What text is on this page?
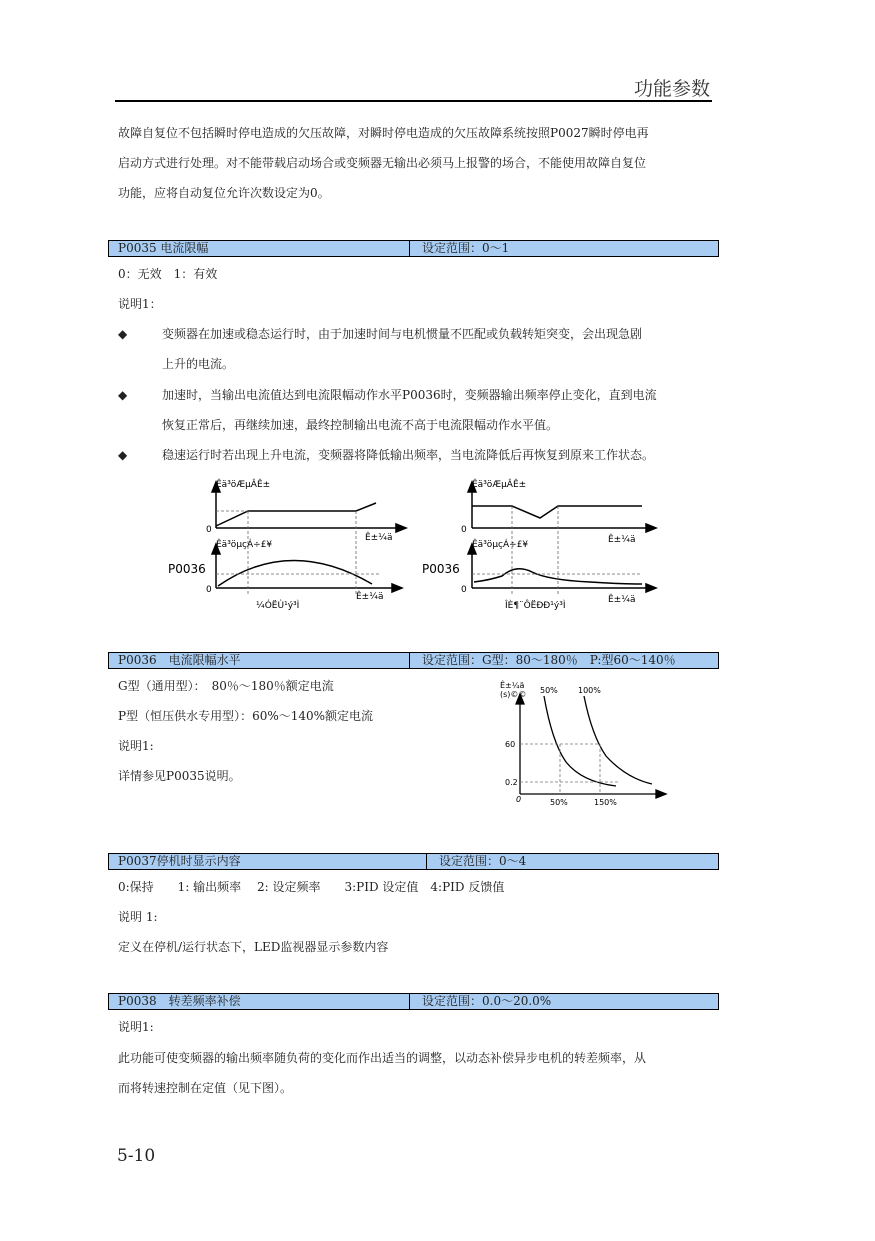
功能参数
故障自复位不包括瞬时停电造成的欠压故障，对瞬时停电造成的欠压故障系统按照P0027瞬时停电再
启动方式进行处理。对不能带载启动场合或变频器无输出必须马上报警的场合，不能使用故障自复位
功能，应将自动复位允许次数设定为0。
P0035 电流限幅	设定范围：0～1
0：无效　1：有效
说明1：
◆	变频器在加速或稳态运行时，由于加速时间与电机惯量不匹配或负载转矩突变，会出现急剧
上升的电流。
◆	加速时，当输出电流值达到电流限幅动作水平P0036时，变频器输出频率停止变化，直到电流
恢复正常后，再继续加速，最终控制输出电流不高于电流限幅动作水平值。
◆	稳速运行时若出现上升电流，变频器将降低输出频率，当电流降低后再恢复到原来工作状态。
Êä³öÆµÂÊ±
0
Ê±¼ä
Êä³öµçÁ÷£¥
P0036
0
Ê±¼ä
¼ÓËÙ¹ý³Ì
Êä³öÆµÂÊ±
0
Ê±¼ä
Êä³öµçÁ÷£¥
P0036
0
Ê±¼ä
ÎÈ¶¨ÔËÐÐ¹ý³Ì
P0036　电流限幅水平	设定范围：G型：80～180％　P:型60～140％
G型（通用型）：　80％～180％额定电流
P型（恒压供水专用型）：60%～140%额定电流
说明1:
详情参见P0035说明。
Ê±¼ä
(s)©© 50%	100%
60
0.2
0	50%	150%
P0037停机时显示内容	设定范围：0～4
0:保持　　1: 输出频率　 2: 设定频率　　3:PID 设定值　4:PID 反馈值
说明 1:
定义在停机/运行状态下，LED监视器显示参数内容
P0038　转差频率补偿	设定范围：0.0～20.0%
说明1:
此功能可使变频器的输出频率随负荷的变化而作出适当的调整，以动态补偿异步电机的转差频率，从
而将转速控制在定值（见下图）。
5-10
